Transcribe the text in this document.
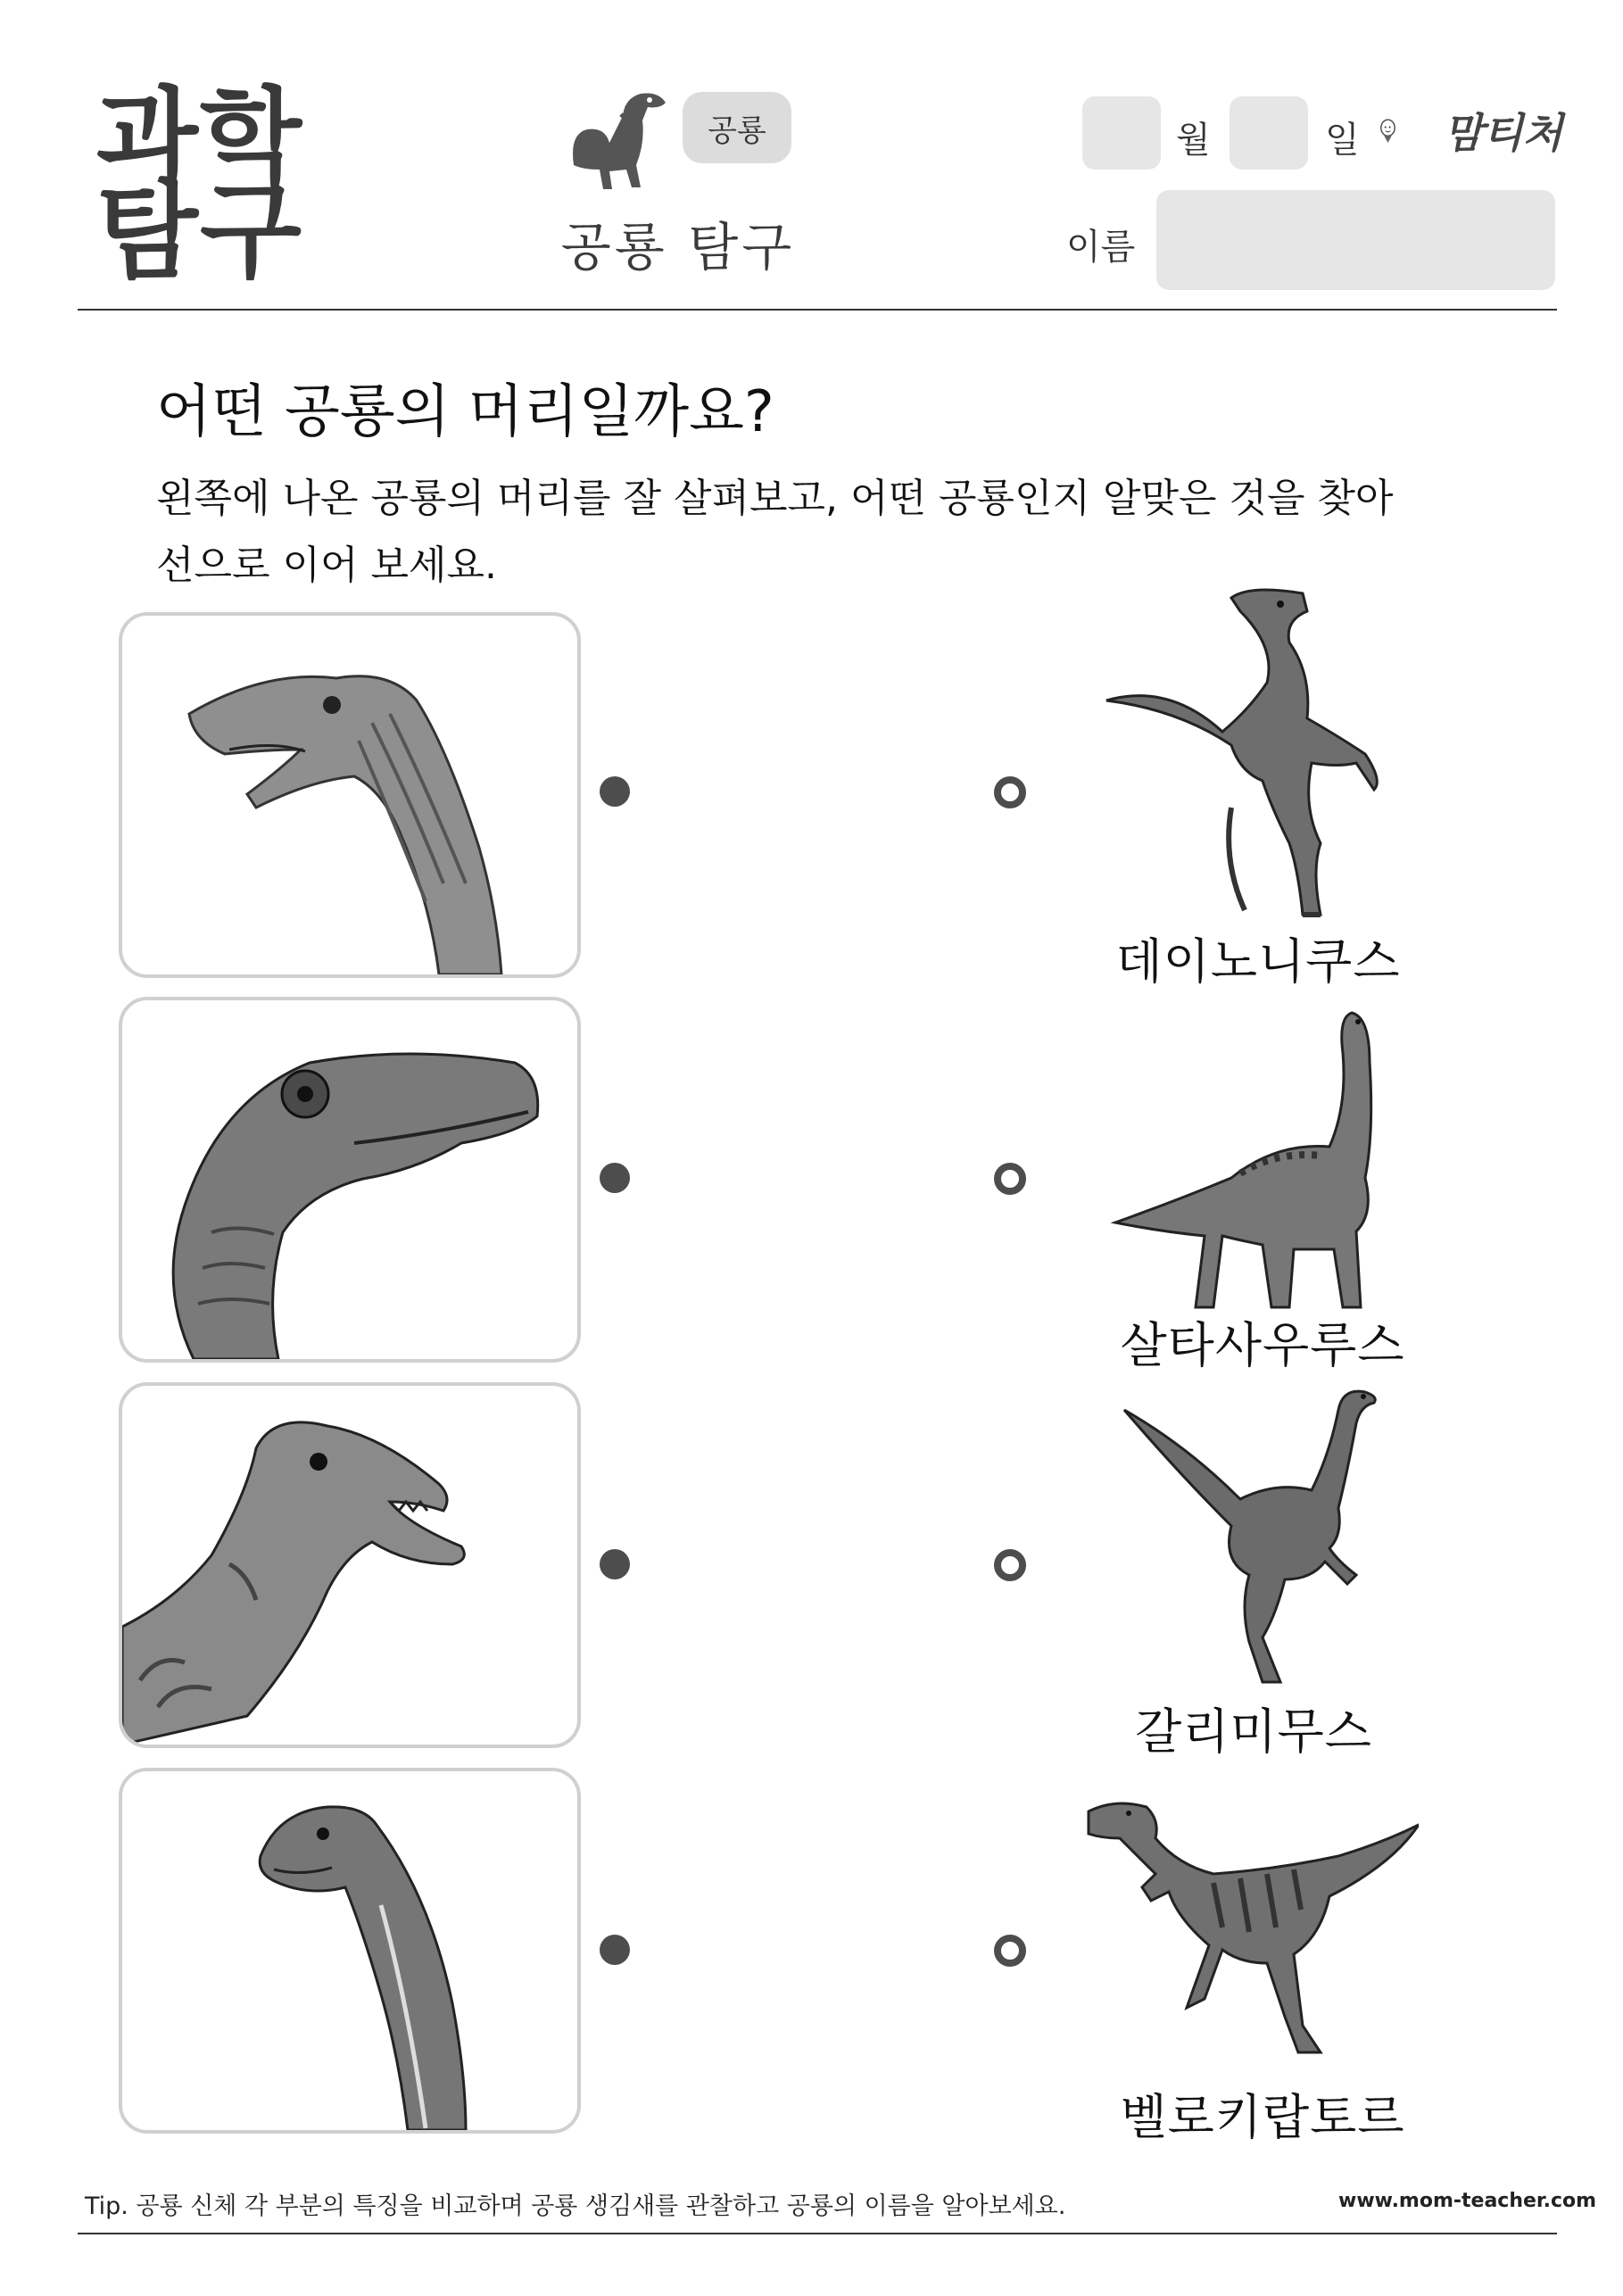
과학
탐구
공룡
공룡 탐구
월	일 맘티처
이름
어떤 공룡의 머리일까요?
왼쪽에 나온 공룡의 머리를 잘 살펴보고, 어떤 공룡인지 알맞은 것을 찾아
선으로 이어 보세요.
데이노니쿠스
살타사우루스
갈리미무스
벨로키랍토르
Tip. 공룡 신체 각 부분의 특징을 비교하며 공룡 생김새를 관찰하고 공룡의 이름을 알아보세요.	www.mom-teacher.com
